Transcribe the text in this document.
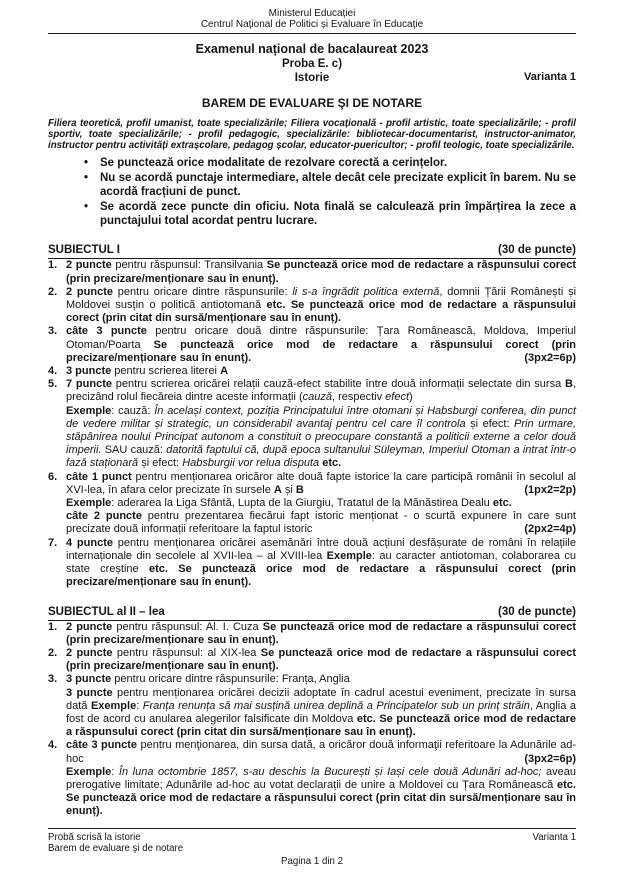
Ministerul Educației
Centrul Național de Politici și Evaluare în Educație
Examenul național de bacalaureat 2023
Proba E. c)
Istorie	Varianta 1
BAREM DE EVALUARE ŞI DE NOTARE
Filiera teoretică, profil umanist, toate specializările; Filiera vocațională - profil artistic, toate specializările; - profil sportiv, toate specializările; - profil pedagogic, specializările: bibliotecar-documentarist, instructor-animator, instructor pentru activități extrașcolare, pedagog școlar, educator-puericultor; - profil teologic, toate specializările.
•	Se punctează orice modalitate de rezolvare corectă a cerințelor.
•	Nu se acordă punctaje intermediare, altele decât cele precizate explicit în barem. Nu se acordă fracțiuni de punct.
•	Se acordă zece puncte din oficiu. Nota finală se calculează prin împărțirea la zece a punctajului total acordat pentru lucrare.
SUBIECTUL I	(30 de puncte)
1. 2 puncte pentru răspunsul: Transilvania Se punctează orice mod de redactare a răspunsului corect (prin precizare/menționare sau în enunț).
2. 2 puncte pentru oricare dintre răspunsurile: li s-a îngrădit politica externă, domnii Țării Românești și Moldovei susțin o politică antiotomană etc. Se punctează orice mod de redactare a răspunsului corect (prin citat din sursă/menționare sau în enunț).
3. câte 3 puncte pentru oricare două dintre răspunsurile: Țara Românească, Moldova, Imperiul Otoman/Poarta Se punctează orice mod de redactare a răspunsului corect (prin precizare/menționare sau în enunț).	(3px2=6p)
4. 3 puncte pentru scrierea literei A
5. 7 puncte pentru scrierea oricărei relații cauză-efect stabilite între două informații selectate din sursa B, precizând rolul fiecăreia dintre aceste informații (cauză, respectiv efect)
Exemple: cauză: În același context, poziția Principatului între otomani și Habsburgi conferea, din punct de vedere militar și strategic, un considerabil avantaj pentru cel care îl controla și efect: Prin urmare, stăpânirea noului Principat autonom a constituit o preocupare constantă a politicii externe a celor două imperii. SAU cauză: datorită faptului că, după epoca sultanului Süleyman, Imperiul Otoman a intrat într-o fază staționară și efect: Habsburgii vor relua disputa etc.
6. câte 1 punct pentru menționarea oricăror alte două fapte istorice la care participă românii în secolul al XVI-lea, în afara celor precizate în sursele A și B	(1px2=2p)
Exemple: aderarea la Liga Sfântă, Lupta de la Giurgiu, Tratatul de la Mănăstirea Dealu etc.
câte 2 puncte pentru prezentarea fiecărui fapt istoric menționat - o scurtă expunere în care sunt precizate două informații referitoare la faptul istoric	(2px2=4p)
7. 4 puncte pentru menționarea oricărei asemănări între două acțiuni desfășurate de români în relațiile internaționale din secolele al XVII-lea – al XVIII-lea Exemple: au caracter antiotoman, colaborarea cu state creștine etc. Se punctează orice mod de redactare a răspunsului corect (prin precizare/menționare sau în enunț).
SUBIECTUL al II – lea	(30 de puncte)
1. 2 puncte pentru răspunsul: Al. I. Cuza Se punctează orice mod de redactare a răspunsului corect (prin precizare/menționare sau în enunț).
2. 2 puncte pentru răspunsul: al XIX-lea Se punctează orice mod de redactare a răspunsului corect (prin precizare/menționare sau în enunț).
3. 3 puncte pentru oricare dintre răspunsurile: Franța, Anglia
3 puncte pentru menționarea oricărei decizii adoptate în cadrul acestui eveniment, precizate în sursa dată Exemple: Franța renunța să mai susțină unirea deplină a Principatelor sub un prinț străin, Anglia a fost de acord cu anularea alegerilor falsificate din Moldova etc. Se punctează orice mod de redactare a răspunsului corect (prin citat din sursă/menționare sau în enunț).
4. câte 3 puncte pentru menţionarea, din sursa dată, a oricăror două informaţii referitoare la Adunările ad-hoc	(3px2=6p)
Exemple: În luna octombrie 1857, s-au deschis la București și Iași cele două Adunări ad-hoc; aveau prerogative limitate; Adunările ad-hoc au votat declarații de unire a Moldovei cu Țara Românească etc. Se punctează orice mod de redactare a răspunsului corect (prin citat din sursă/menționare sau în enunț).
Probă scrisă la istorie	Varianta 1
Barem de evaluare şi de notare
Pagina 1 din 2
